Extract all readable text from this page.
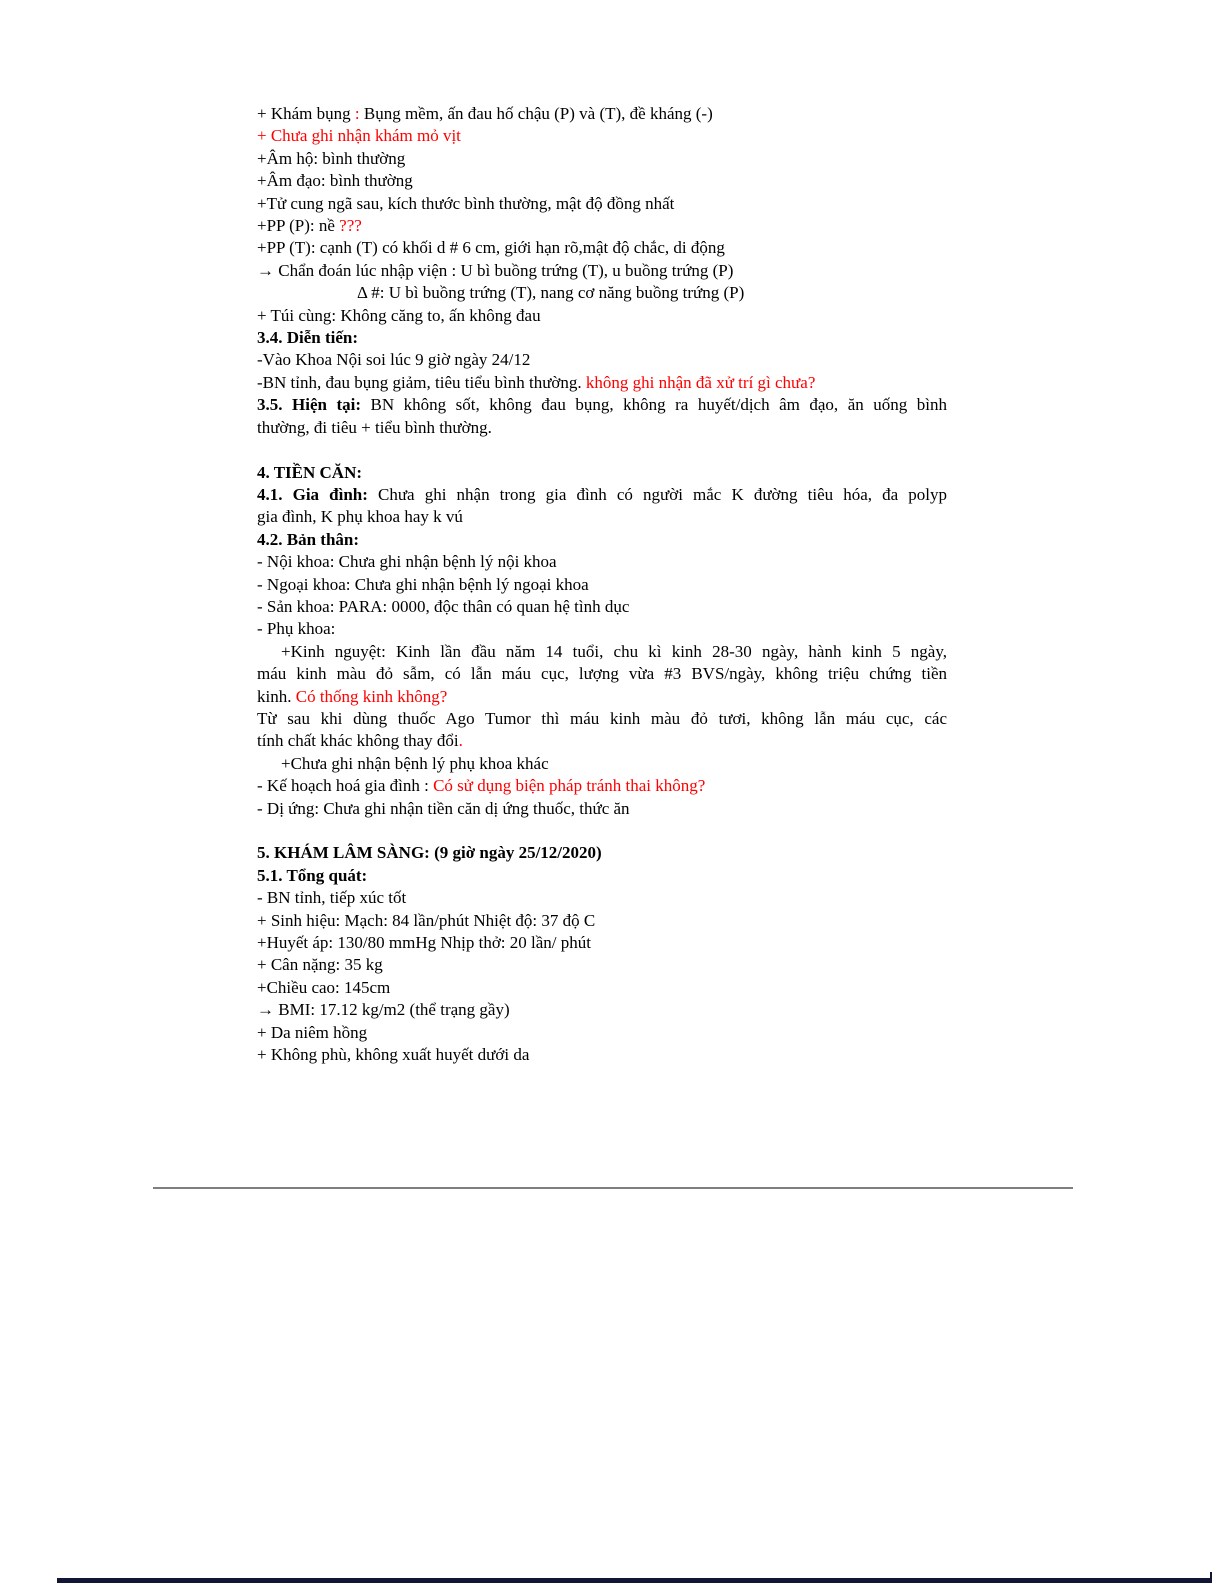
+ Khám bụng : Bụng mềm, ấn đau hố chậu (P) và (T), đề kháng (-)
+ Chưa ghi nhận khám mỏ vịt
+Âm hộ: bình thường
+Âm đạo: bình thường
+Tử cung ngã sau, kích thước bình thường, mật độ đồng nhất
+PP (P): nề ???
+PP (T): cạnh (T) có khối d # 6 cm, giới hạn rõ,mật độ chắc, di động
→ Chẩn đoán lúc nhập viện : U bì buồng trứng (T), u buồng trứng (P)
Δ #: U bì buồng trứng (T), nang cơ năng buồng trứng (P)
+ Túi cùng: Không căng to, ấn không đau
3.4. Diễn tiến:
-Vào Khoa Nội soi lúc 9 giờ ngày 24/12
-BN tỉnh, đau bụng giảm, tiêu tiểu bình thường. không ghi nhận đã xử trí gì chưa?
3.5. Hiện tại: BN không sốt, không đau bụng, không ra huyết/dịch âm đạo, ăn uống bình
thường, đi tiêu + tiểu bình thường.

4. TIỀN CĂN:
4.1. Gia đình: Chưa ghi nhận trong gia đình có người mắc K đường tiêu hóa, đa polyp
gia đình, K phụ khoa hay k vú
4.2. Bản thân:
- Nội khoa: Chưa ghi nhận bệnh lý nội khoa
- Ngoại khoa: Chưa ghi nhận bệnh lý ngoại khoa
- Sản khoa: PARA: 0000, độc thân có quan hệ tình dục
- Phụ khoa:
+Kinh nguyệt: Kinh lần đầu năm 14 tuổi, chu kì kinh 28-30 ngày, hành kinh 5 ngày,
máu kinh màu đỏ sẫm, có lẫn máu cục, lượng vừa #3 BVS/ngày, không triệu chứng tiền
kinh. Có thống kinh không?
Từ sau khi dùng thuốc Ago Tumor thì máu kinh màu đỏ tươi, không lẫn máu cục, các
tính chất khác không thay đổi.
+Chưa ghi nhận bệnh lý phụ khoa khác
- Kế hoạch hoá gia đình : Có sử dụng biện pháp tránh thai không?
- Dị ứng: Chưa ghi nhận tiền căn dị ứng thuốc, thức ăn

5. KHÁM LÂM SÀNG: (9 giờ ngày 25/12/2020)
5.1. Tổng quát:
- BN tỉnh, tiếp xúc tốt
+ Sinh hiệu: Mạch: 84 lần/phút Nhiệt độ: 37 độ C
+Huyết áp: 130/80 mmHg Nhịp thở: 20 lần/ phút
+ Cân nặng: 35 kg
+Chiều cao: 145cm
→ BMI: 17.12 kg/m2 (thể trạng gầy)
+ Da niêm hồng
+ Không phù, không xuất huyết dưới da
